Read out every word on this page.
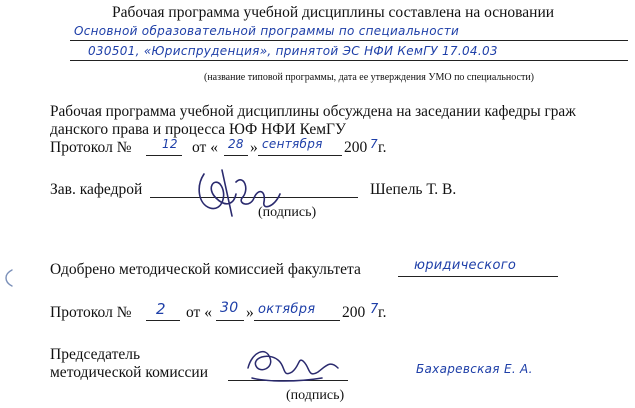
Рабочая программа учебной дисциплины составлена на основании
Основной образовательной программы по специальности
030501, «Юриспруденция», принятой ЭС НФИ КемГУ 17.04.03
(название типовой программы, дата ее утверждения УМО по специальности)
Рабочая программа учебной дисциплины обсуждена на заседании кафедры граж
данского права и процесса ЮФ НФИ КемГУ
Протокол №	12 от « 28 » сентября 200 7 г.
Зав. кафедрой	Шепель Т. В.
(подпись)
Одобрено методической комиссией факультета	юридического
Протокол № 2 от « 30 » октября 200 7 г.
Председатель
методической комиссии	Бахаревская Е. А.
(подпись)
